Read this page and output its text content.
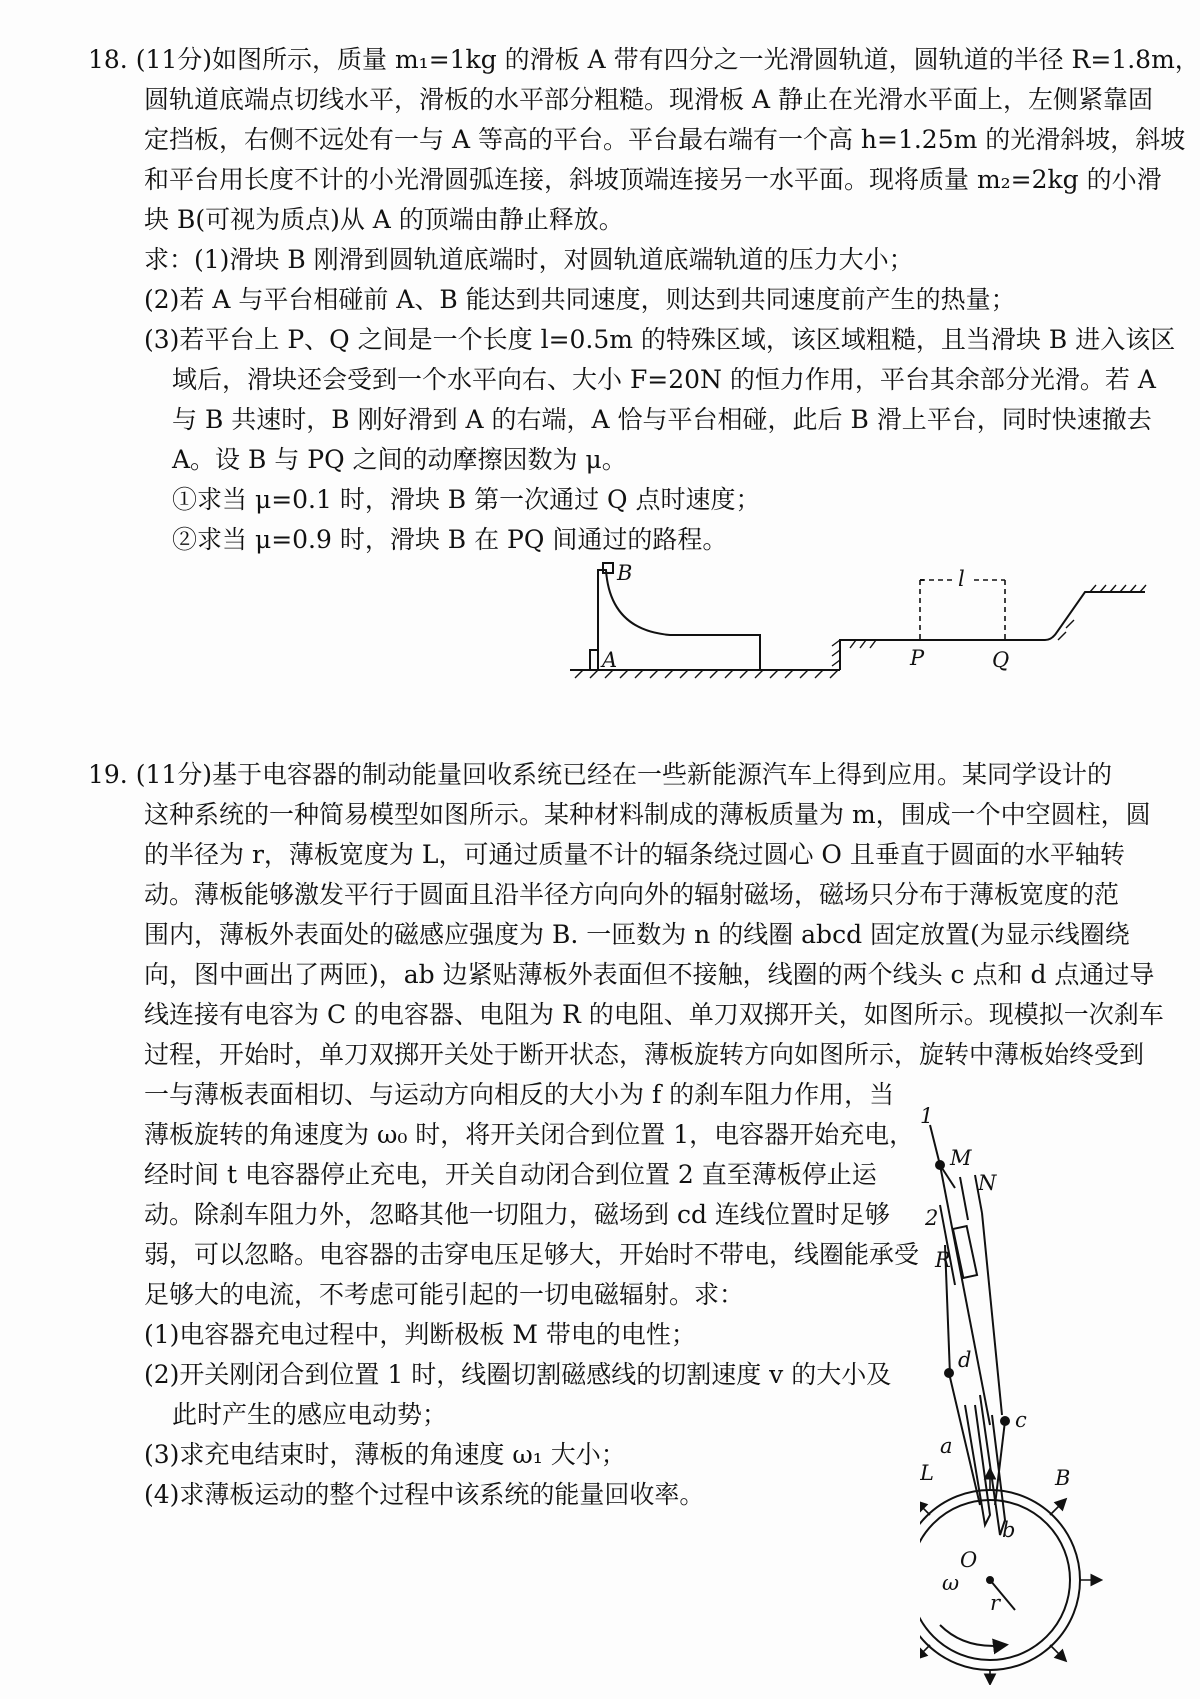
18. (11分)如图所示，质量 m₁=1kg 的滑板 A 带有四分之一光滑圆轨道，圆轨道的半径 R=1.8m，
圆轨道底端点切线水平，滑板的水平部分粗糙。现滑板 A 静止在光滑水平面上，左侧紧靠固
定挡板，右侧不远处有一与 A 等高的平台。平台最右端有一个高 h=1.25m 的光滑斜坡，斜坡
和平台用长度不计的小光滑圆弧连接，斜坡顶端连接另一水平面。现将质量 m₂=2kg 的小滑
块 B(可视为质点)从 A 的顶端由静止释放。
求：(1)滑块 B 刚滑到圆轨道底端时，对圆轨道底端轨道的压力大小；
(2)若 A 与平台相碰前 A、B 能达到共同速度，则达到共同速度前产生的热量；
(3)若平台上 P、Q 之间是一个长度 l=0.5m 的特殊区域，该区域粗糙，且当滑块 B 进入该区
域后，滑块还会受到一个水平向右、大小 F=20N 的恒力作用，平台其余部分光滑。若 A
与 B 共速时，B 刚好滑到 A 的右端，A 恰与平台相碰，此后 B 滑上平台，同时快速撤去
A。设 B 与 PQ 之间的动摩擦因数为 μ。
①求当 μ=0.1 时，滑块 B 第一次通过 Q 点时速度；
②求当 μ=0.9 时，滑块 B 在 PQ 间通过的路程。
B
A
l
P	Q
19. (11分)基于电容器的制动能量回收系统已经在一些新能源汽车上得到应用。某同学设计的
这种系统的一种简易模型如图所示。某种材料制成的薄板质量为 m，围成一个中空圆柱，圆
的半径为 r，薄板宽度为 L，可通过质量不计的辐条绕过圆心 O 且垂直于圆面的水平轴转
动。薄板能够激发平行于圆面且沿半径方向向外的辐射磁场，磁场只分布于薄板宽度的范
围内，薄板外表面处的磁感应强度为 B. 一匝数为 n 的线圈 abcd 固定放置(为显示线圈绕
向，图中画出了两匝)，ab 边紧贴薄板外表面但不接触，线圈的两个线头 c 点和 d 点通过导
线连接有电容为 C 的电容器、电阻为 R 的电阻、单刀双掷开关，如图所示。现模拟一次刹车
过程，开始时，单刀双掷开关处于断开状态，薄板旋转方向如图所示，旋转中薄板始终受到
一与薄板表面相切、与运动方向相反的大小为 f 的刹车阻力作用，当
薄板旋转的角速度为 ω₀ 时，将开关闭合到位置 1，电容器开始充电，
经时间 t 电容器停止充电，开关自动闭合到位置 2 直至薄板停止运
动。除刹车阻力外，忽略其他一切阻力，磁场到 cd 连线位置时足够
弱，可以忽略。电容器的击穿电压足够大，开始时不带电，线圈能承受
足够大的电流，不考虑可能引起的一切电磁辐射。求：
(1)电容器充电过程中，判断极板 M 带电的电性；
(2)开关刚闭合到位置 1 时，线圈切割磁感线的切割速度 v 的大小及
此时产生的感应电动势；
(3)求充电结束时，薄板的角速度 ω₁ 大小；
(4)求薄板运动的整个过程中该系统的能量回收率。
1
M
N
2
R
d
c
a
L	B
b
O
ω
r
